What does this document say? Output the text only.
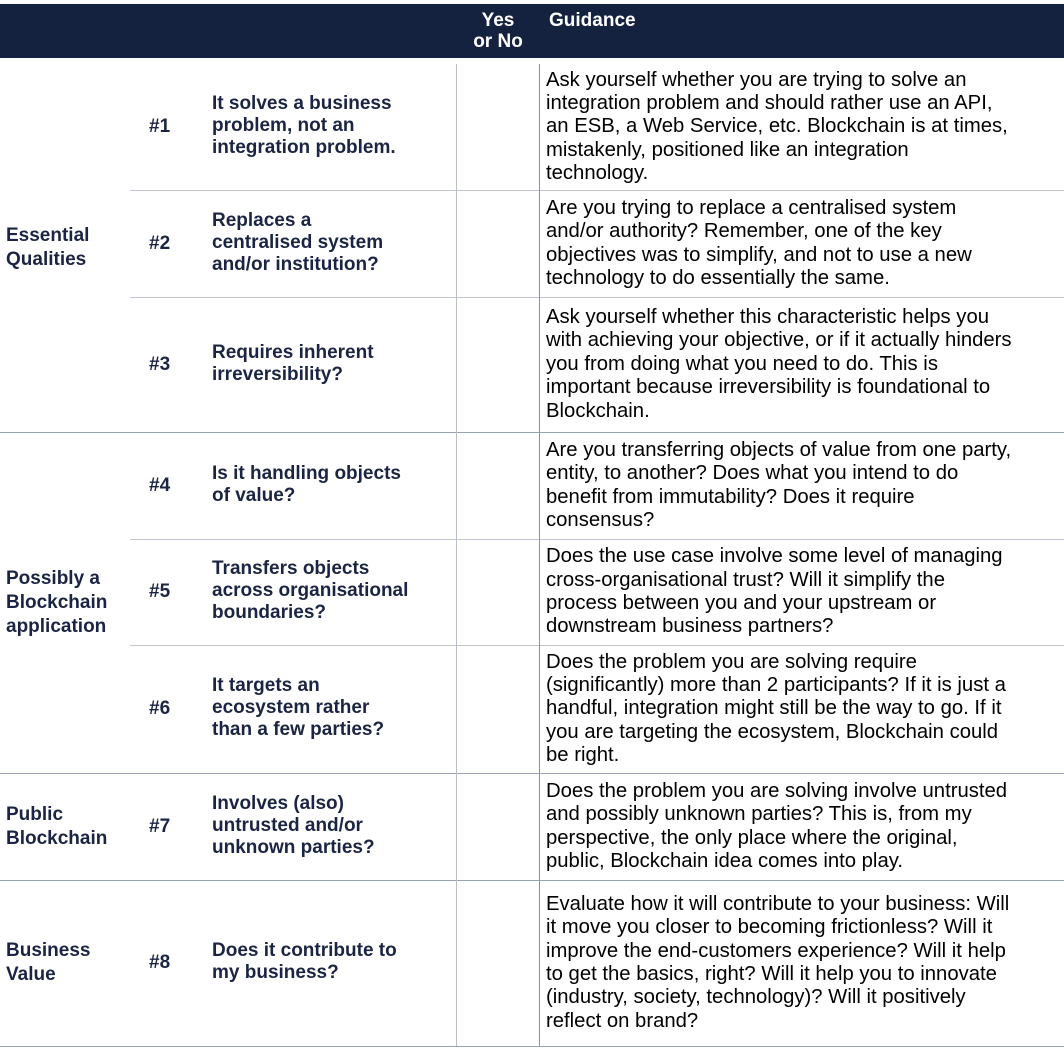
Yes
or No
Guidance
Ask yourself whether you are trying to solve an
integration problem and should rather use an API,
an ESB, a Web Service, etc. Blockchain is at times,
mistakenly, positioned like an integration
technology.
#1
It solves a business
problem, not an
integration problem.
Are you trying to replace a centralised system
and/or authority? Remember, one of the key
objectives was to simplify, and not to use a new
technology to do essentially the same.
#2
Replaces a
centralised system
and/or institution?
Ask yourself whether this characteristic helps you
with achieving your objective, or if it actually hinders
you from doing what you need to do. This is
important because irreversibility is foundational to
Blockchain.
#3
Requires inherent
irreversibility?
Are you transferring objects of value from one party,
entity, to another? Does what you intend to do
benefit from immutability? Does it require
consensus?
#4
Is it handling objects
of value?
Does the use case involve some level of managing
cross-organisational trust? Will it simplify the
process between you and your upstream or
downstream business partners?
#5
Transfers objects
across organisational
boundaries?
Does the problem you are solving require
(significantly) more than 2 participants? If it is just a
handful, integration might still be the way to go. If it
you are targeting the ecosystem, Blockchain could
be right.
#6
It targets an
ecosystem rather
than a few parties?
Does the problem you are solving involve untrusted
and possibly unknown parties? This is, from my
perspective, the only place where the original,
public, Blockchain idea comes into play.
#7
Involves (also)
untrusted and/or
unknown parties?
Evaluate how it will contribute to your business: Will
it move you closer to becoming frictionless? Will it
improve the end-customers experience? Will it help
to get the basics, right? Will it help you to innovate
(industry, society, technology)? Will it positively
reflect on brand?
#8
Does it contribute to
my business?
Essential
Qualities
Possibly a
Blockchain
application
Public
Blockchain
Business
Value
